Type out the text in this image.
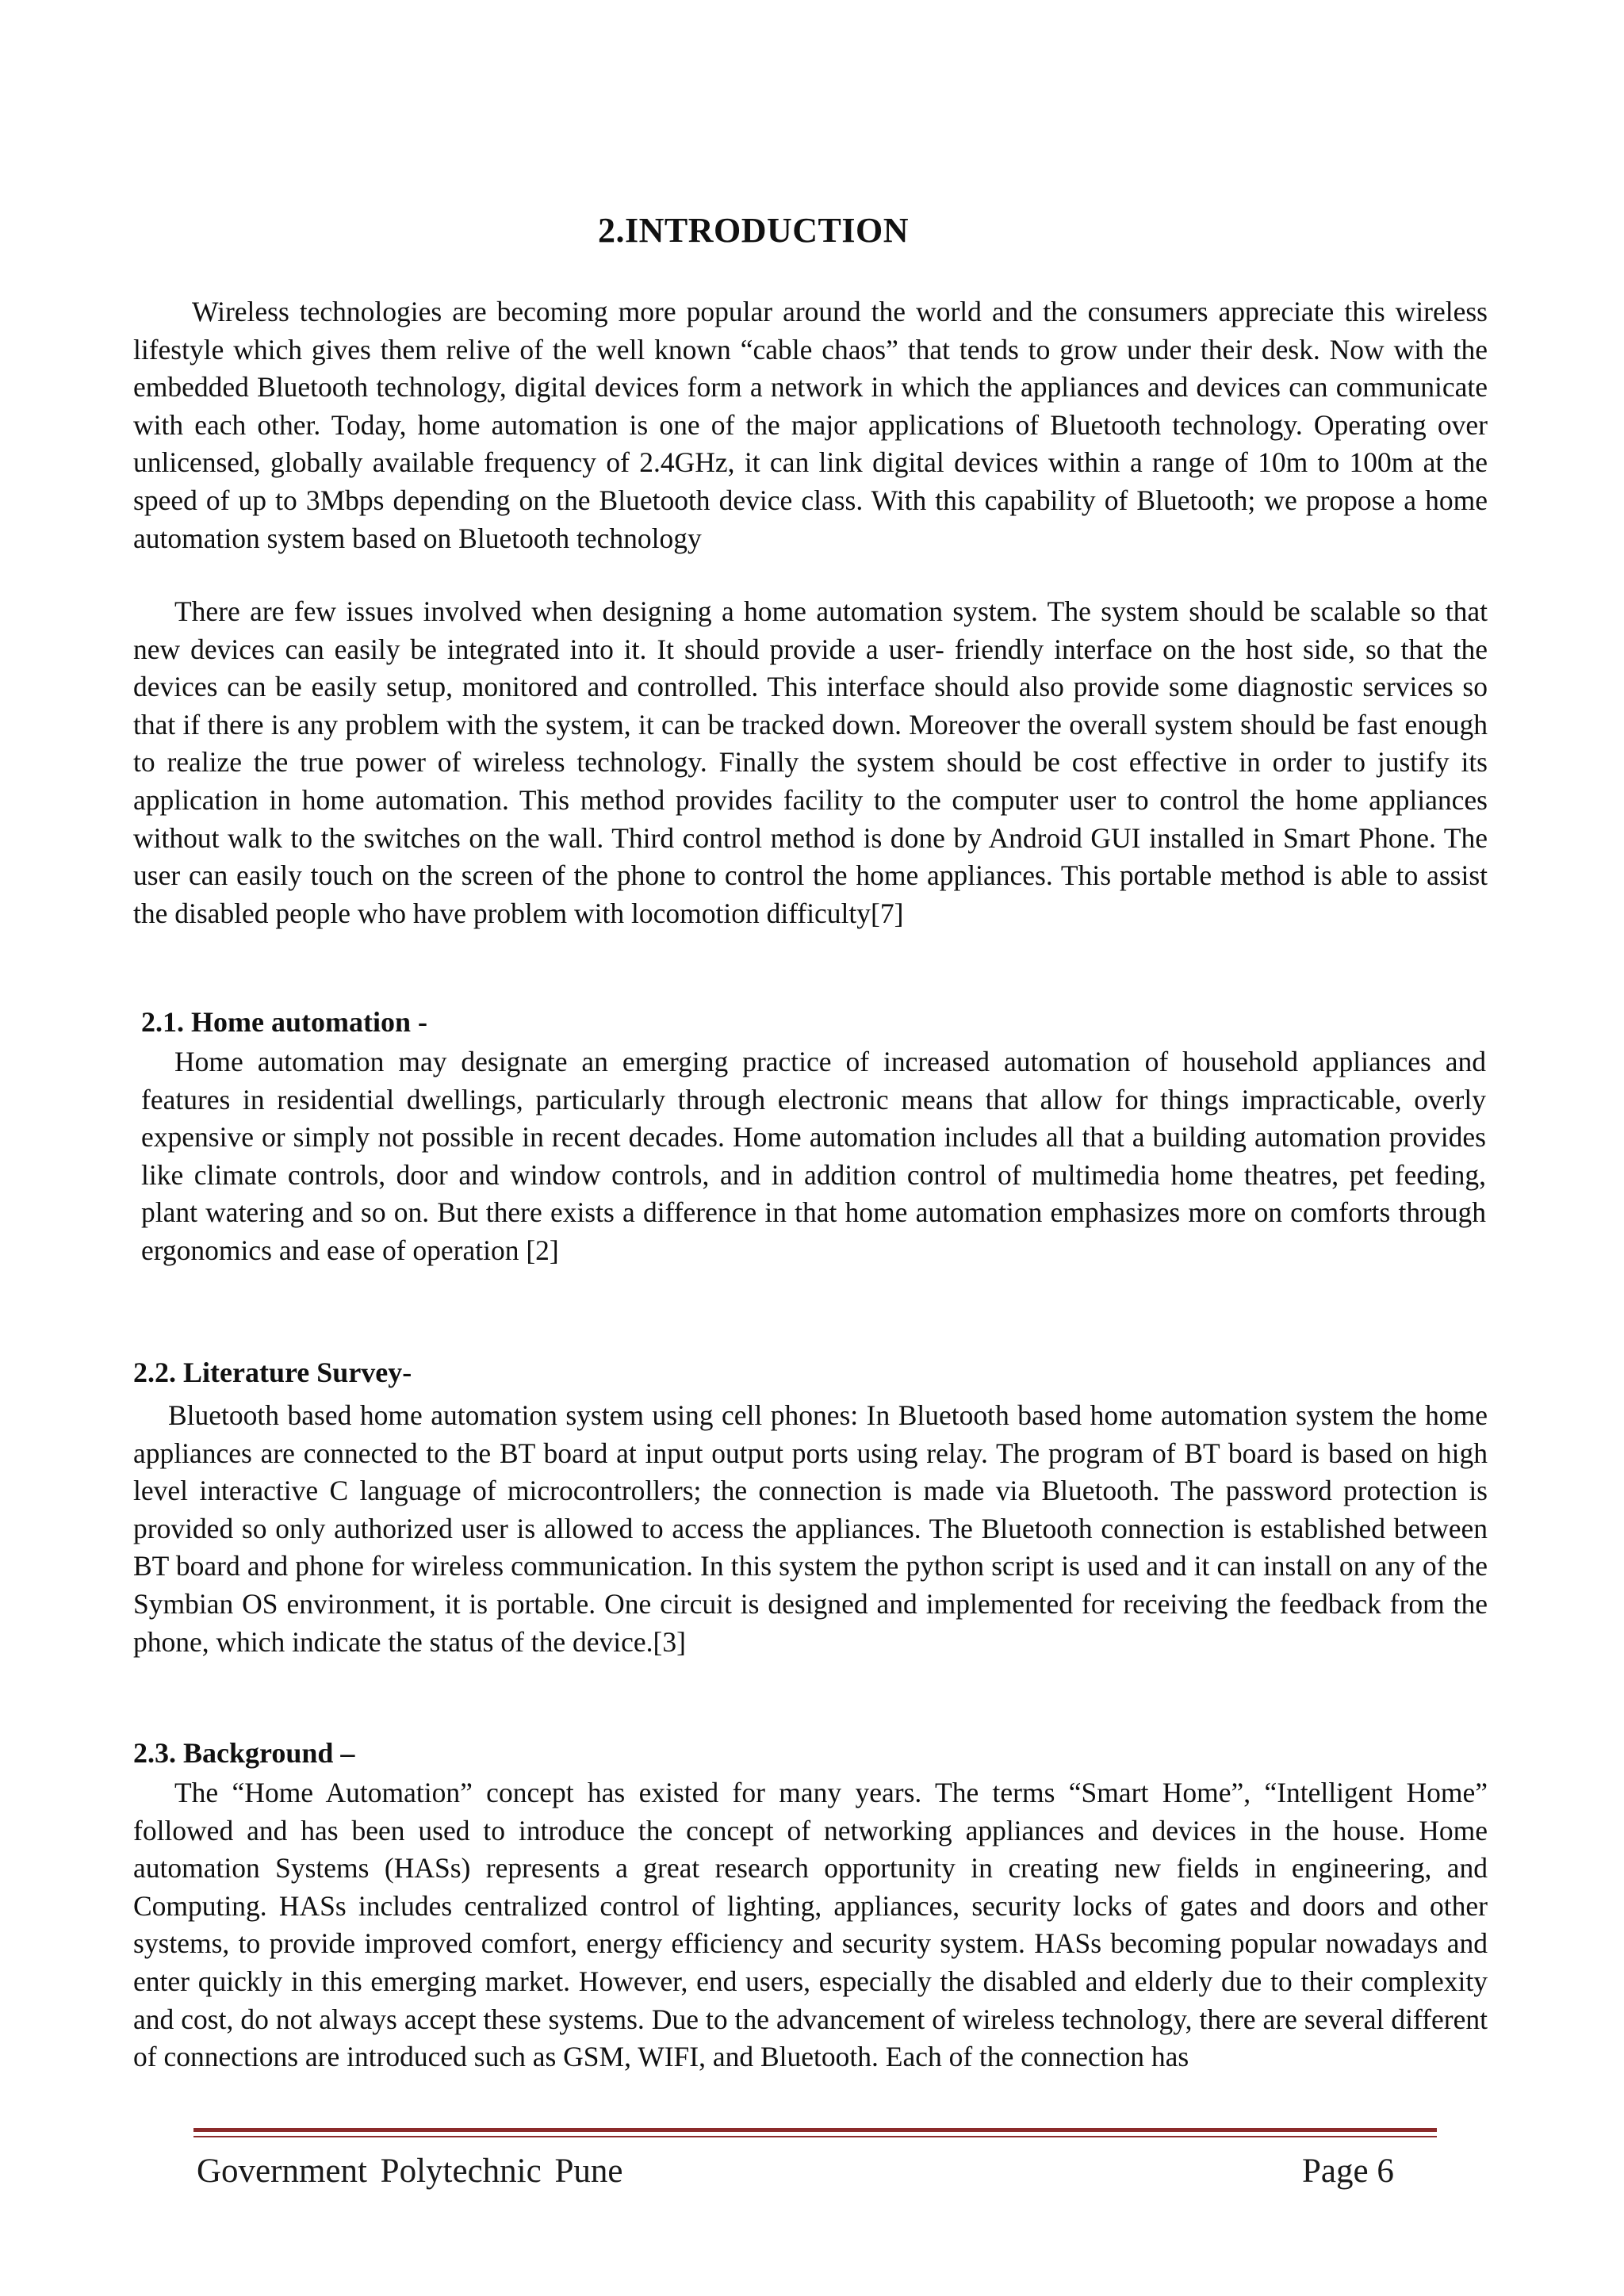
2.INTRODUCTION

Wireless technologies are becoming more popular around the world and the consumers appreciate this wireless lifestyle which gives them relive of the well known “cable chaos” that tends to grow under their desk. Now with the embedded Bluetooth technology, digital devices form a network in which the appliances and devices can communicate with each other. Today, home automation is one of the major applications of Bluetooth technology. Operating over unlicensed, globally available frequency of 2.4GHz, it can link digital devices within a range of 10m to 100m at the speed of up to 3Mbps depending on the Bluetooth device class. With this capability of Bluetooth; we propose a home automation system based on Bluetooth technology

There are few issues involved when designing a home automation system. The system should be scalable so that new devices can easily be integrated into it. It should provide a user- friendly interface on the host side, so that the devices can be easily setup, monitored and controlled. This interface should also provide some diagnostic services so that if there is any problem with the system, it can be tracked down. Moreover the overall system should be fast enough to realize the true power of wireless technology. Finally the system should be cost effective in order to justify its application in home automation. This method provides facility to the computer user to control the home appliances without walk to the switches on the wall. Third control method is done by Android GUI installed in Smart Phone. The user can easily touch on the screen of the phone to control the home appliances. This portable method is able to assist the disabled people who have problem with locomotion difficulty[7]

2.1. Home automation -

Home automation may designate an emerging practice of increased automation of household appliances and features in residential dwellings, particularly through electronic means that allow for things impracticable, overly expensive or simply not possible in recent decades. Home automation includes all that a building automation provides like climate controls, door and window controls, and in addition control of multimedia home theatres, pet feeding, plant watering and so on. But there exists a difference in that home automation emphasizes more on comforts through ergonomics and ease of operation [2]

2.2. Literature Survey-

Bluetooth based home automation system using cell phones: In Bluetooth based home automation system the home appliances are connected to the BT board at input output ports using relay. The program of BT board is based on high level interactive C language of microcontrollers; the connection is made via Bluetooth. The password protection is provided so only authorized user is allowed to access the appliances. The Bluetooth connection is established between BT board and phone for wireless communication. In this system the python script is used and it can install on any of the Symbian OS environment, it is portable. One circuit is designed and implemented for receiving the feedback from the phone, which indicate the status of the device.[3]

2.3. Background –

The “Home Automation” concept has existed for many years. The terms “Smart Home”, “Intelligent Home” followed and has been used to introduce the concept of networking appliances and devices in the house. Home automation Systems (HASs) represents a great research opportunity in creating new fields in engineering, and Computing. HASs includes centralized control of lighting, appliances, security locks of gates and doors and other systems, to provide improved comfort, energy efficiency and security system. HASs becoming popular nowadays and enter quickly in this emerging market. However, end users, especially the disabled and elderly due to their complexity and cost, do not always accept these systems. Due to the advancement of wireless technology, there are several different of connections are introduced such as GSM, WIFI, and Bluetooth. Each of the connection has

Government Polytechnic Pune	Page 6
